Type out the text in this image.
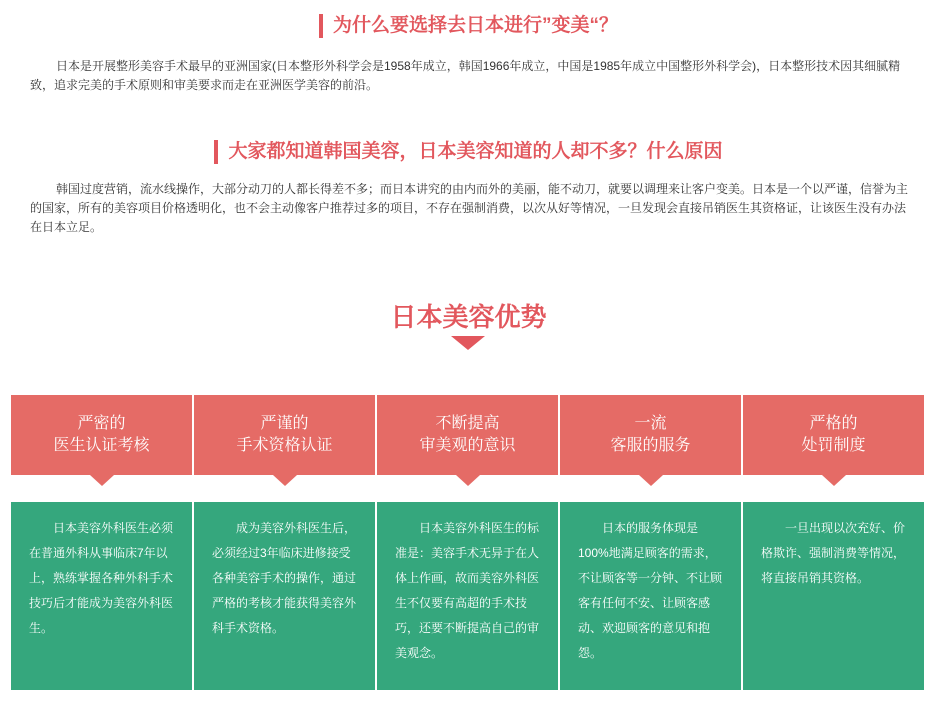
为什么要选择去日本进行”变美“？

日本是开展整形美容手术最早的亚洲国家(日本整形外科学会是1958年成立，韩国1966年成立，中国是1985年成立中国整形外科学会)，日本整形技术因其细腻精致，追求完美的手术原则和审美要求而走在亚洲医学美容的前沿。

大家都知道韩国美容，日本美容知道的人却不多？什么原因

韩国过度营销，流水线操作，大部分动刀的人都长得差不多；而日本讲究的由内而外的美丽，能不动刀，就要以调理来让客户变美。日本是一个以严谨，信誉为主的国家，所有的美容项目价格透明化，也不会主动像客户推荐过多的项目，不存在强制消费，以次从好等情况，一旦发现会直接吊销医生其资格证，让该医生没有办法在日本立足。

日本美容优势
严密的
医生认证考核

日本美容外科医生必须在普通外科从事临床7年以上，熟练掌握各种外科手术技巧后才能成为美容外科医生。

严谨的
手术资格认证

成为美容外科医生后，必须经过3年临床进修接受各种美容手术的操作，通过严格的考核才能获得美容外科手术资格。

不断提高
审美观的意识

日本美容外科医生的标准是：美容手术无异于在人体上作画，故而美容外科医生不仅要有高超的手术技巧，还要不断提高自己的审美观念。

一流
客服的服务

日本的服务体现是100%地满足顾客的需求，不让顾客等一分钟、不让顾客有任何不安、让顾客感动、欢迎顾客的意见和抱怨。

严格的
处罚制度

一旦出现以次充好、价格欺诈、强制消费等情况，将直接吊销其资格。
